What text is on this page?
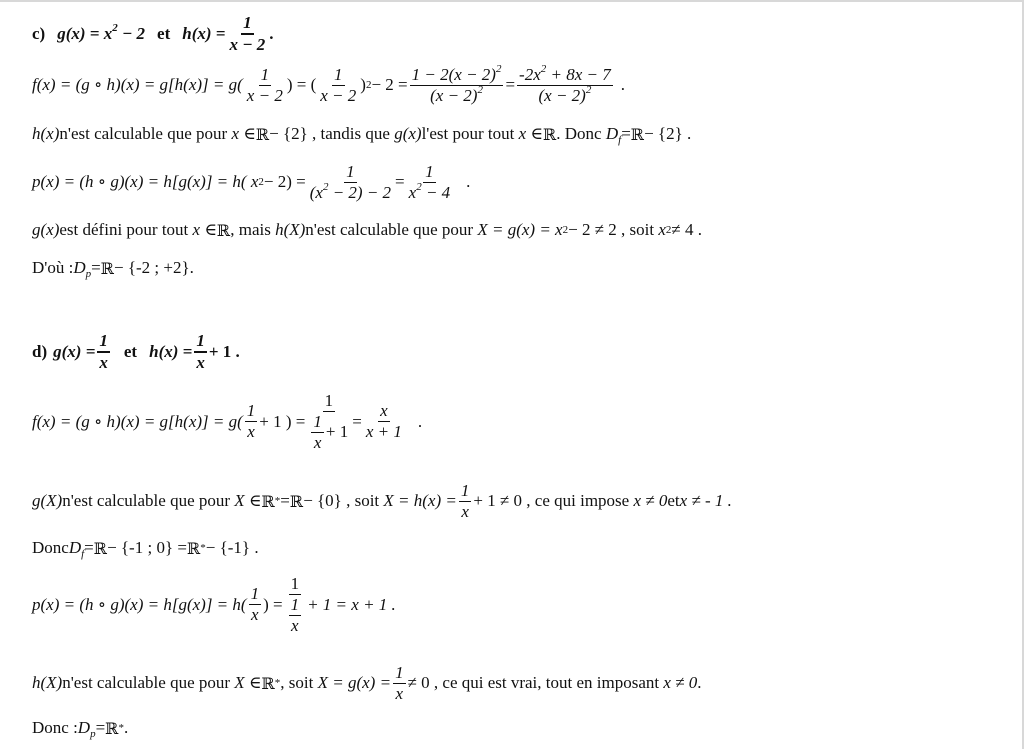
c) $g(x) = x^2 - 2$ et $h(x) = \frac{1}{x - 2}$ .
f(x) = (g ∘ $h)(x) = g[h(x)] = g( \frac{1}{x - 2}$ ) = ( $\frac{1}{x - 2}$ ) $2 - 2 = \frac{1 - 2(x - 2)^2}{(x - 2)^2} = \frac{-2x^2 + 8x - 7}{(x - 2)^2}$ .
h(x) n'est calculable que pour
x ∈ ℝ − {2} , tandis que
g(x) l'est pour tout
x ∈ ℝ . Donc
$D_f$ = ℝ − {2} .
p(x) = (h ∘ g)(x) = h[g(x)] = h( x $2 - 2) = \frac{1}{(x^2 - 2) - 2} = \frac{1}{x^2 - 4}$ .
g(x) est défini pour tout
x ∈ ℝ , mais
h(X) n'est calculable que pour
X = g(x) = x 2 − 2 ≠ 2 , soit
x 2 ≠ 4 .
D'où : $D_p$ = ℝ − {-2 ; +2}.
d) $g(x) = \frac{1}{x}$ et $h(x) = \frac{1}{x} + 1$ .
f(x) = (g ∘ $h)(x) = g[h(x)] = g( \frac{1}{x} + 1$ ) = $\frac{1}{\frac{1}{x} + 1} = \frac{x}{x + 1}$ .
g(X) n'est calculable que pour
X ∈ ℝ * = ℝ − {0} , soit
$X = h(x) = \frac{1}{x} + 1 \ne 0$ , ce qui impose
x ≠ 0 et x ≠ - 1 .
Donc $D_f$ = ℝ − {-1 ; 0} = ℝ * − {-1} .
p(x) = (h ∘ $g)(x) = h[g(x)] = h( \frac{1}{x}$ ) = $\frac{1}{\frac{1}{x}} + 1 = x + 1$ .
h(X) n'est calculable que pour
X ∈ ℝ * , soit
$X = g(x) = \frac{1}{x} \ne 0$ , ce qui est vrai, tout en imposant
x ≠ 0 .
Donc : $D_p$ = ℝ * .
